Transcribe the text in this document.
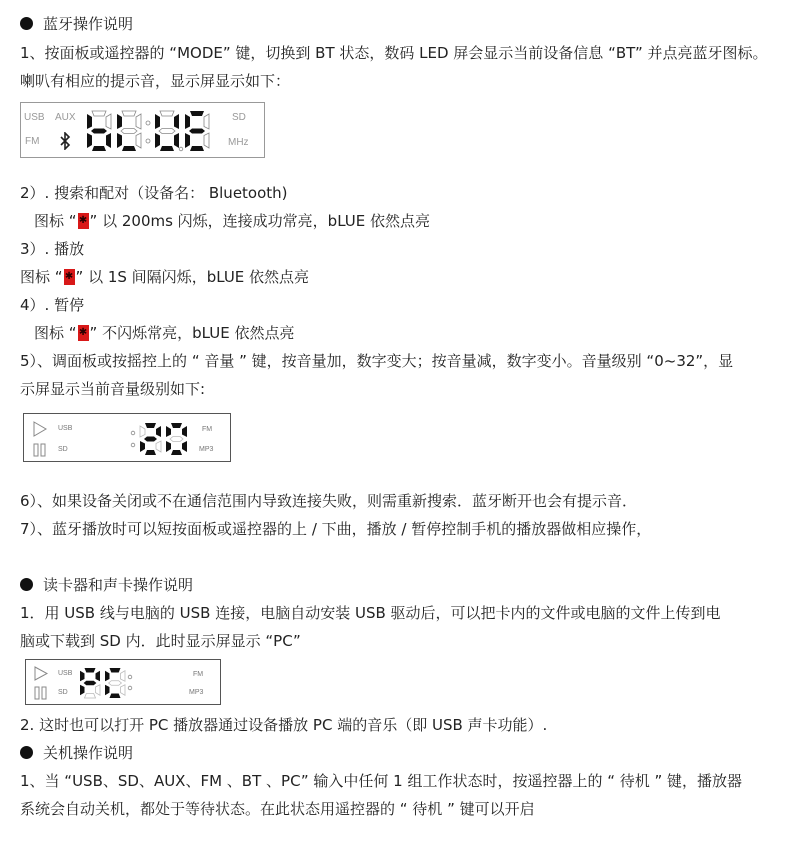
蓝牙操作说明
1、按面板或遥控器的 “MODE” 键，切换到 BT 状态，数码 LED 屏会显示当前设备信息 “BT” 并点亮蓝牙图标。
喇叭有相应的提示音，显示屏显示如下：
USB AUX
FM
SD
MHz
2）. 搜索和配对（设备名： Bluetooth)
图标 “ ✱ ” 以 200ms 闪烁，连接成功常亮，bLUE 依然点亮
3）. 播放
图标 “ ✱ ” 以 1S 间隔闪烁，bLUE 依然点亮
4）. 暂停
图标 “ ✱ ” 不闪烁常亮，bLUE 依然点亮
5）、调面板或按摇控上的 “ 音量 ” 键，按音量加，数字变大；按音量减，数字变小。音量级别 “0~32”，显
示屏显示当前音量级别如下:
USB
SD
FM
MP3
6）、如果设备关闭或不在通信范围内导致连接失败，则需重新搜索．蓝牙断开也会有提示音．
7）、蓝牙播放时可以短按面板或遥控器的上 / 下曲，播放 / 暂停控制手机的播放器做相应操作，
读卡器和声卡操作说明
1．用 USB 线与电脑的 USB 连接，电脑自动安装 USB 驱动后，可以把卡内的文件或电脑的文件上传到电
脑或下载到 SD 内．此时显示屏显示 “PC”
USB
SD
FM
MP3
2. 这时也可以打开 PC 播放器通过设备播放 PC 端的音乐（即 USB 声卡功能）.
关机操作说明
1、当 “USB、SD、AUX、FM 、BT 、PC” 输入中任何 1 组工作状态时，按遥控器上的 “ 待机 ” 键，播放器
系统会自动关机，都处于等待状态。在此状态用遥控器的 “ 待机 ” 键可以开启
